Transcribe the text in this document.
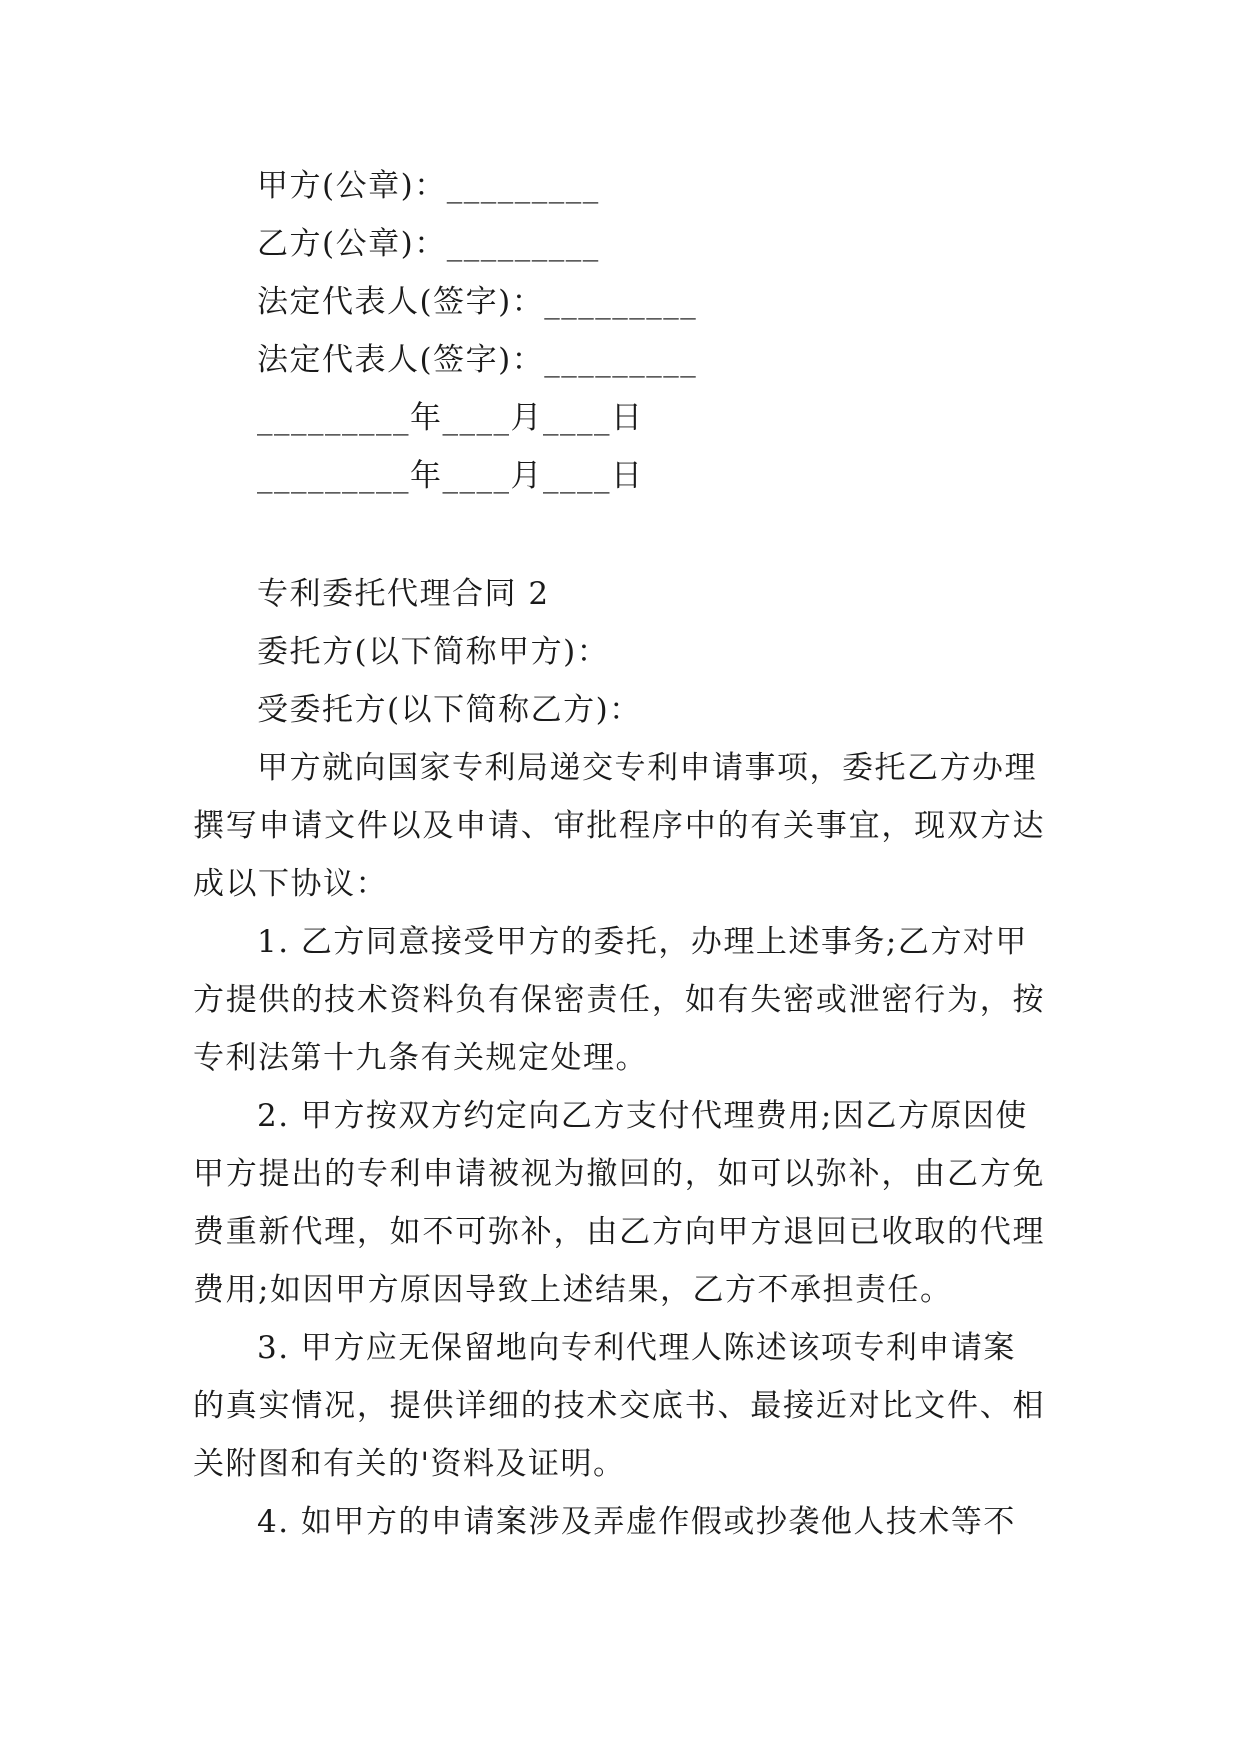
甲方(公章)：_________
乙方(公章)：_________
法定代表人(签字)：_________
法定代表人(签字)：_________
_________年____月____日
_________年____月____日
专利委托代理合同 2
委托方(以下简称甲方)：
受委托方(以下简称乙方)：
甲方就向国家专利局递交专利申请事项，委托乙方办理
撰写申请文件以及申请、审批程序中的有关事宜，现双方达
成以下协议：
1. 乙方同意接受甲方的委托，办理上述事务;乙方对甲
方提供的技术资料负有保密责任，如有失密或泄密行为，按
专利法第十九条有关规定处理。
2. 甲方按双方约定向乙方支付代理费用;因乙方原因使
甲方提出的专利申请被视为撤回的，如可以弥补，由乙方免
费重新代理，如不可弥补，由乙方向甲方退回已收取的代理
费用;如因甲方原因导致上述结果，乙方不承担责任。
3. 甲方应无保留地向专利代理人陈述该项专利申请案
的真实情况，提供详细的技术交底书、最接近对比文件、相
关附图和有关的'资料及证明。
4. 如甲方的申请案涉及弄虚作假或抄袭他人技术等不
